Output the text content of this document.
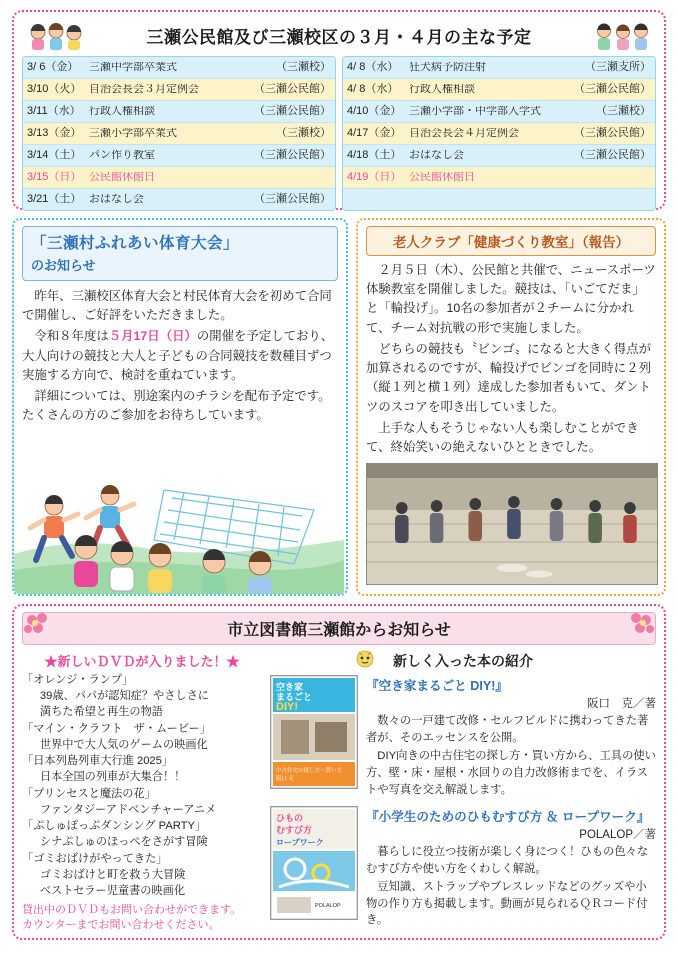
三瀬公民館及び三瀬校区の３月・４月の主な予定
3/ 6（金） 三瀬中学部卒業式	（三瀬校）
3/10（火） 自治会長会３月定例会	（三瀬公民館）
3/11（水） 行政人権相談	（三瀬公民館）
3/13（金） 三瀬小学部卒業式	（三瀬校）
3/14（土） パン作り教室	（三瀬公民館）
3/15（日） 公民館休館日
3/21（土） おはなし会	（三瀬公民館）
4/ 8（水） 狂犬病予防注射	（三瀬支所）
4/ 8（水） 行政人権相談	（三瀬公民館）
4/10（金） 三瀬小学部・中学部入学式	（三瀬校）
4/17（金） 自治会長会４月定例会	（三瀬公民館）
4/18（土） おはなし会	（三瀬公民館）
4/19（日） 公民館休館日

「三瀬村ふれあい体育大会」
のお知らせ

昨年、三瀬校区体育大会と村民体育大会を初めて合同で開催し、ご好評をいただきました。

令和８年度は５月17日（日）の開催を予定しており、大人向けの競技と大人と子どもの合同競技を数種目ずつ実施する方向で、検討を重ねています。

詳細については、別途案内のチラシを配布予定です。たくさんの方のご参加をお待ちしています。

老人クラブ「健康づくり教室」（報告）

２月５日（木）、公民館と共催で、ニュースポーツ体験教室を開催しました。競技は、「いごてだま」と「輪投げ」。10名の参加者が２チームに分かれて、チーム対抗戦の形で実施しました。

どちらの競技も〝ビンゴ〟になると大きく得点が加算されるのですが、輪投げでビンゴを同時に２列（縦１列と横１列）達成した参加者もいて、ダントツのスコアを叩き出していました。

上手な人もそうじゃない人も楽しむことができて、終始笑いの絶えないひとときでした。

市立図書館三瀬館からお知らせ
★新しいＤＶＤが入りました！★
「オレンジ・ランプ」
39歳、パパが認知症？やさしさに
満ちた希望と再生の物語
「マイン・クラフト　ザ・ムービー」
世界中で大人気のゲームの映画化
「日本列島列車大行進 2025」
日本全国の列車が大集合！！
「プリンセスと魔法の花」
ファンタジーアドベンチャーアニメ
「ぷしゅぽっぷダンシング PARTY」
シナぷしゅのほっぺをさがす冒険
「ゴミおばけがやってきた」
ゴミおばけと町を救う大冒険
ベストセラー児童書の映画化
貸出中のＤＶＤもお問い合わせができます。
カウンターまでお問い合わせください。
新しく入った本の紹介
空き家
まるごと
DIY!
中古住宅の探し方・買い方
阪口 克
『空き家まるごと DIY!』
阪口　克／著

数々の一戸建て改修・セルフビルドに携わってきた著者が、そのエッセンスを公開。

DIY向きの中古住宅の探し方・買い方から、工具の使い方、壁・床・屋根・水回りの自力改修術までを、イラストや写真を交え解説します。

ひもの
むすび方
ロープワーク
POLALOP
『小学生のためのひもむすび方 ＆ ロープワーク』
POLALOP／著

暮らしに役立つ技術が楽しく身につく！ひもの色々なむすび方や使い方をくわしく解説。

豆知識、ストラップやブレスレッドなどのグッズや小物の作り方も掲載します。動画が見られるＱＲコード付き。
